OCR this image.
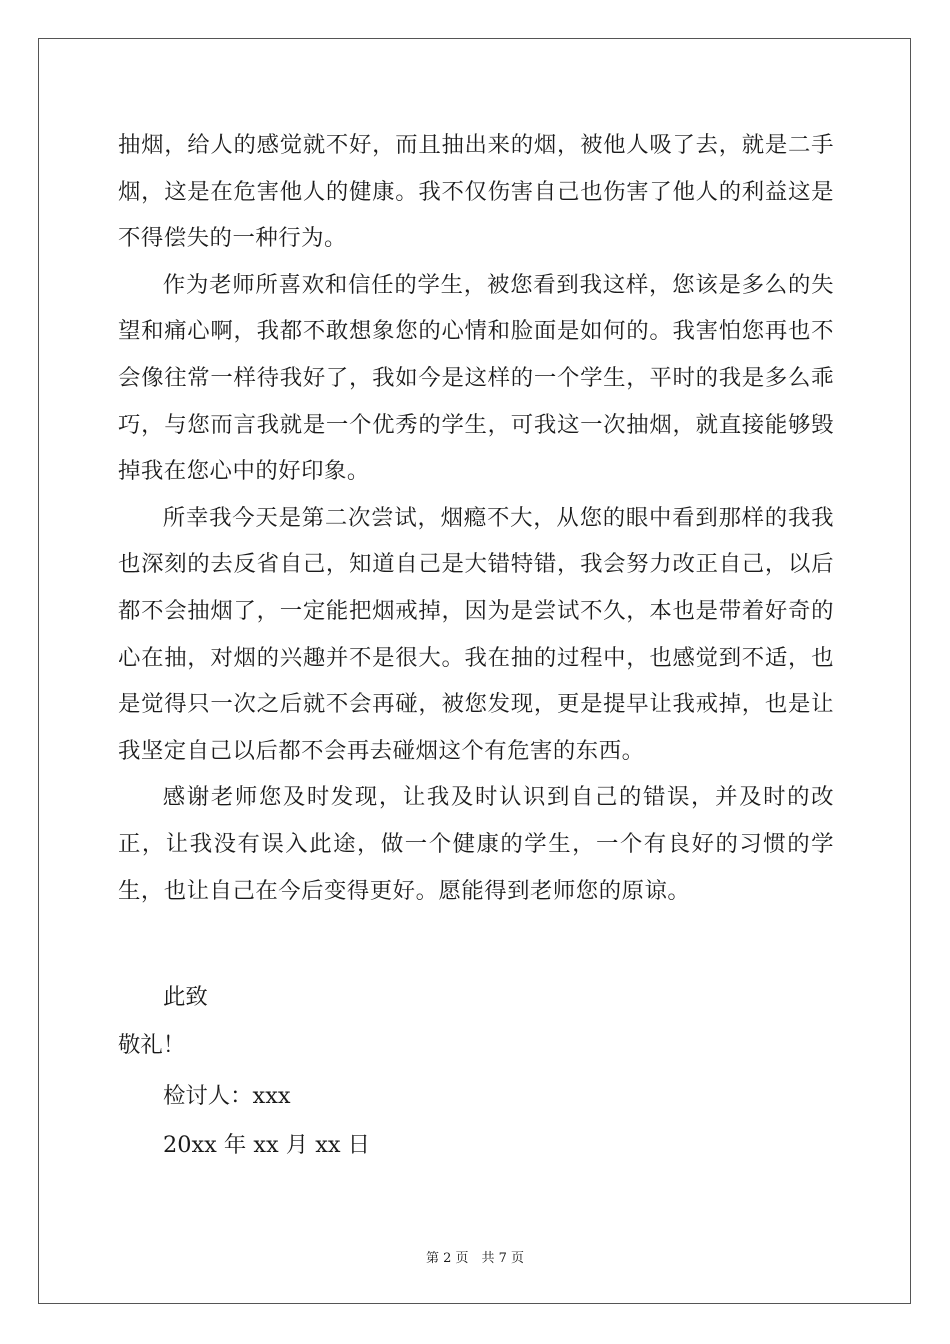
抽烟，给人的感觉就不好，而且抽出来的烟，被他人吸了去，就是二手烟，这是在危害他人的健康。我不仅伤害自己也伤害了他人的利益这是不得偿失的一种行为。

作为老师所喜欢和信任的学生，被您看到我这样，您该是多么的失望和痛心啊，我都不敢想象您的心情和脸面是如何的。我害怕您再也不会像往常一样待我好了，我如今是这样的一个学生，平时的我是多么乖巧，与您而言我就是一个优秀的学生，可我这一次抽烟，就直接能够毁掉我在您心中的好印象。

所幸我今天是第二次尝试，烟瘾不大，从您的眼中看到那样的我我也深刻的去反省自己，知道自己是大错特错，我会努力改正自己，以后都不会抽烟了，一定能把烟戒掉，因为是尝试不久，本也是带着好奇的心在抽，对烟的兴趣并不是很大。我在抽的过程中，也感觉到不适，也是觉得只一次之后就不会再碰，被您发现，更是提早让我戒掉，也是让我坚定自己以后都不会再去碰烟这个有危害的东西。

感谢老师您及时发现，让我及时认识到自己的错误，并及时的改正，让我没有误入此途，做一个健康的学生，一个有良好的习惯的学生，也让自己在今后变得更好。愿能得到老师您的原谅。

此致
敬礼！
检讨人：xxx
20xx 年 xx 月 xx 日
第 2 页　共 7 页
